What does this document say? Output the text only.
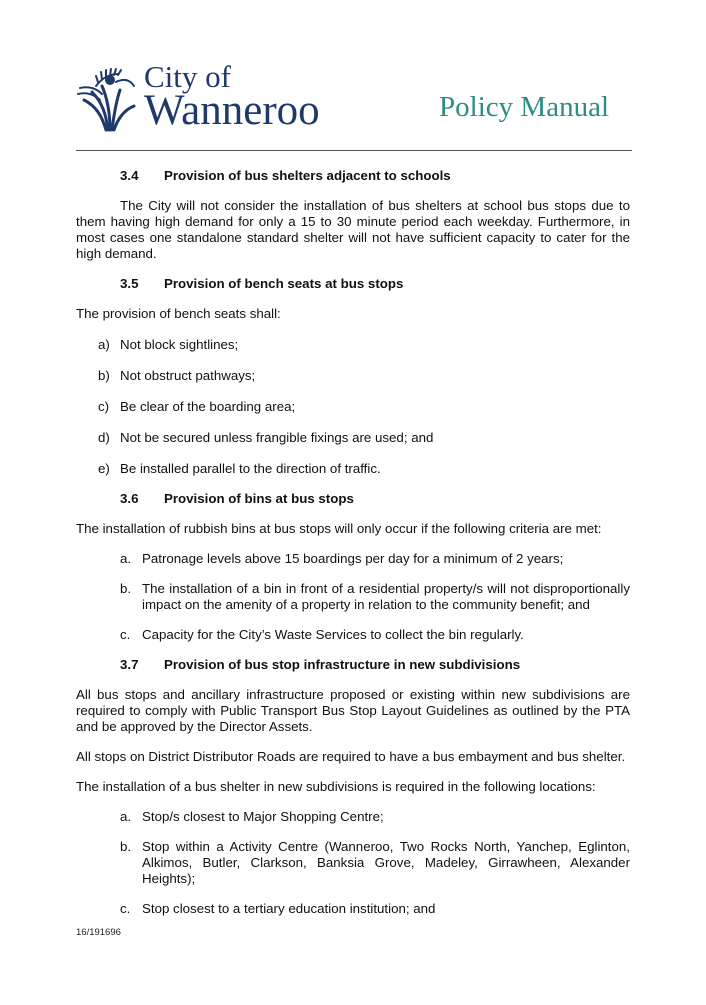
City of
Wanneroo	Policy Manual
3.4 Provision of bus shelters adjacent to schools

The City will not consider the installation of bus shelters at school bus stops due to them having high demand for only a 15 to 30 minute period each weekday. Furthermore, in most cases one standalone standard shelter will not have sufficient capacity to cater for the high demand.

3.5 Provision of bench seats at bus stops

The provision of bench seats shall:

a) Not block sightlines;
b) Not obstruct pathways;
c) Be clear of the boarding area;
d) Not be secured unless frangible fixings are used; and
e) Be installed parallel to the direction of traffic.
3.6 Provision of bins at bus stops

The installation of rubbish bins at bus stops will only occur if the following criteria are met:

a. Patronage levels above 15 boardings per day for a minimum of 2 years;
b. The installation of a bin in front of a residential property/s will not disproportionally impact on the amenity of a property in relation to the community benefit; and
c. Capacity for the City’s Waste Services to collect the bin regularly.
3.7 Provision of bus stop infrastructure in new subdivisions

All bus stops and ancillary infrastructure proposed or existing within new subdivisions are required to comply with Public Transport Bus Stop Layout Guidelines as outlined by the PTA and be approved by the Director Assets.

All stops on District Distributor Roads are required to have a bus embayment and bus shelter.

The installation of a bus shelter in new subdivisions is required in the following locations:

a. Stop/s closest to Major Shopping Centre;
b. Stop within a Activity Centre (Wanneroo, Two Rocks North, Yanchep, Eglinton, Alkimos, Butler, Clarkson, Banksia Grove, Madeley, Girrawheen, Alexander Heights);
c. Stop closest to a tertiary education institution; and
16/191696
